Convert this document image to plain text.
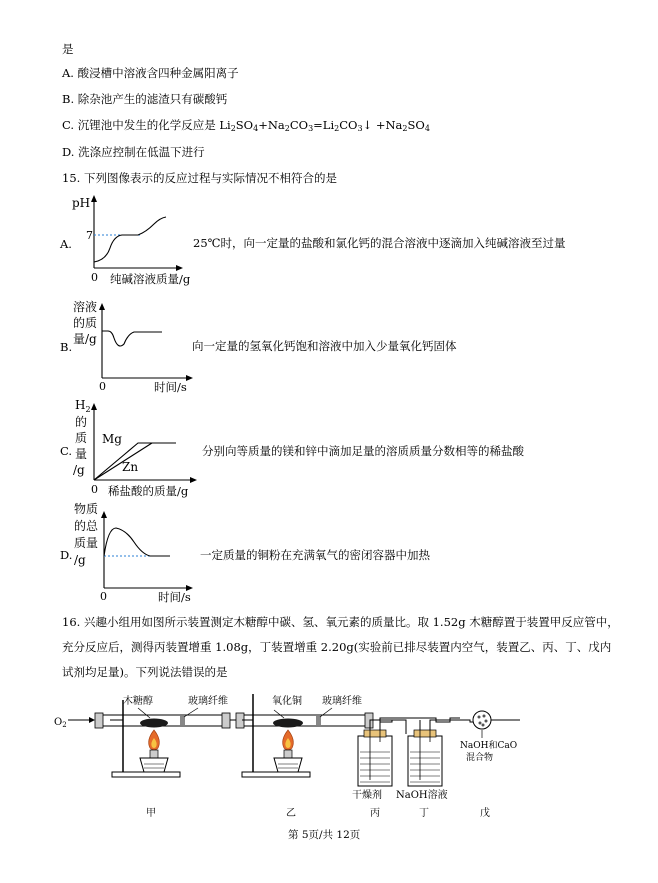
是
A. 酸浸槽中溶液含四种金属阳离子
B. 除杂池产生的滤渣只有碳酸钙
C. 沉锂池中发生的化学反应是 $Li_2SO_4+Na_2CO_3=Li_2CO_3↓ +Na_2SO_4$
D. 洗涤应控制在低温下进行
15. 下列图像表示的反应过程与实际情况不相符合的是
A.
pH
7
0 纯碱溶液质量/g
25℃时，向一定量的盐酸和氯化钙的混合溶液中逐滴加入纯碱溶液至过量
B.
溶液
的质
量/g
0	时间/s
向一定量的氢氧化钙饱和溶液中加入少量氧化钙固体
C.
$H_2$
的
质
量
/g
Mg
Zn
0 稀盐酸的质量/g
分别向等质量的镁和锌中滴加足量的溶质质量分数相等的稀盐酸
D.
物质
的总
质量
/g
0	时间/s
一定质量的铜粉在充满氧气的密闭容器中加热
16. 兴趣小组用如图所示装置测定木糖醇中碳、氢、氧元素的质量比。取 1.52g 木糖醇置于装置甲反应管中，
充分反应后，测得丙装置增重 1.08g，丁装置增重 2.20g(实验前已排尽装置内空气，装置乙、丙、丁、戊内
试剂均足量)。下列说法错误的是
$O_2$
木糖醇	玻璃纤维	氧化铜 玻璃纤维
NaOH和CaO
混合物
干燥剂 NaOH溶液
甲	乙	丙	丁	戊
第 5页/共 12页
